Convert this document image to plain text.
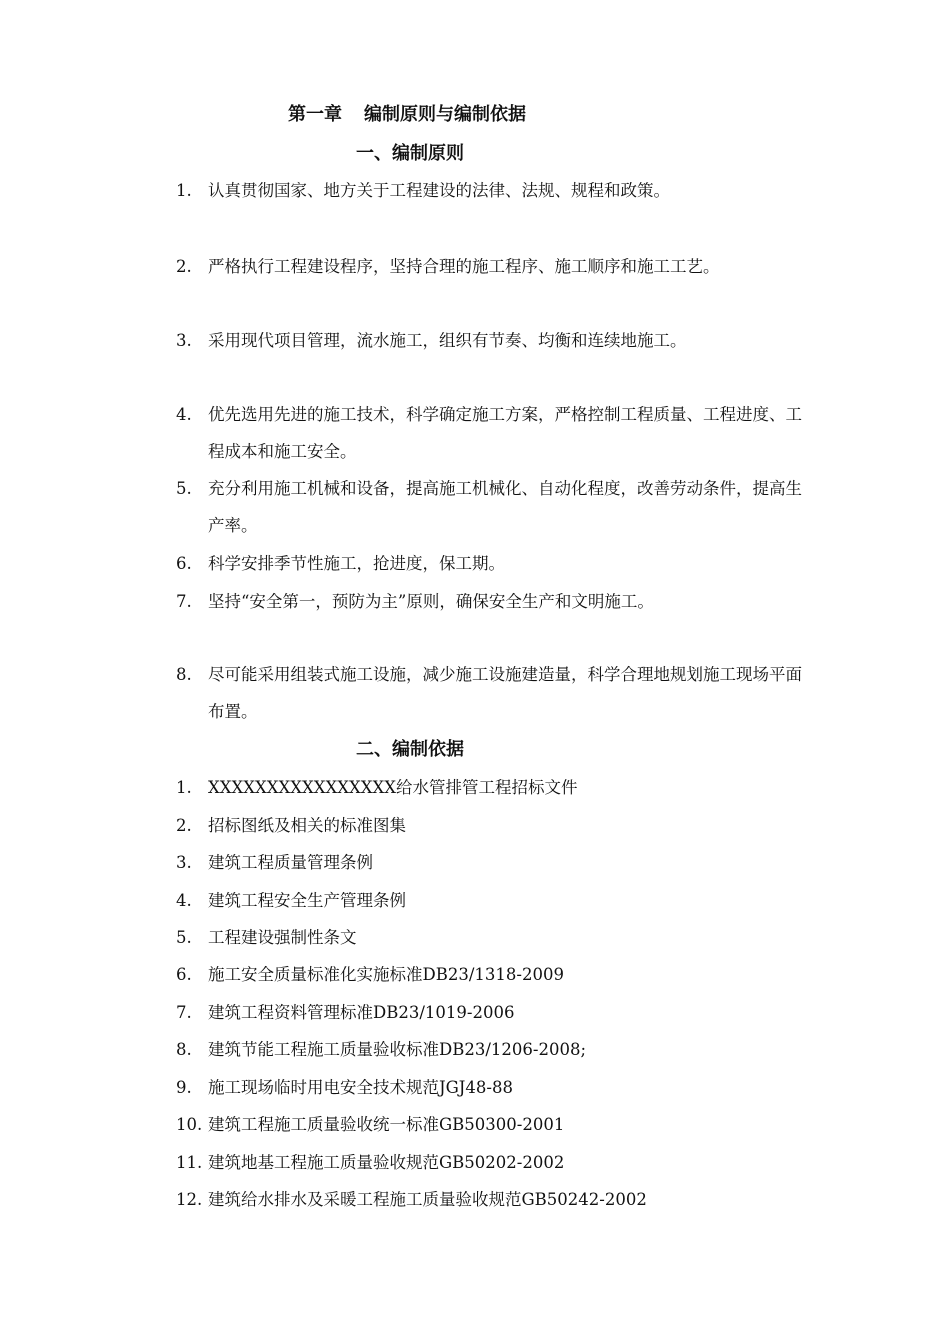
第一章 编制原则与编制依据
一、编制原则
1. 认真贯彻国家、地方关于工程建设的法律、法规、规程和政策。
2. 严格执行工程建设程序，坚持合理的施工程序、施工顺序和施工工艺。
3. 采用现代项目管理，流水施工，组织有节奏、均衡和连续地施工。
4. 优先选用先进的施工技术，科学确定施工方案，严格控制工程质量、工程进度、工程成本和施工安全。
5. 充分利用施工机械和设备，提高施工机械化、自动化程度，改善劳动条件，提高生产率。
6. 科学安排季节性施工，抢进度，保工期。
7. 坚持“安全第一，预防为主”原则，确保安全生产和文明施工。
8. 尽可能采用组装式施工设施，减少施工设施建造量，科学合理地规划施工现场平面布置。
二、编制依据
1. XXXXXXXXXXXXXXXX给水管排管工程招标文件
2. 招标图纸及相关的标准图集
3. 建筑工程质量管理条例
4. 建筑工程安全生产管理条例
5. 工程建设强制性条文
6. 施工安全质量标准化实施标准DB23/1318-2009
7. 建筑工程资料管理标准DB23/1019-2006
8. 建筑节能工程施工质量验收标准DB23/1206-2008;
9. 施工现场临时用电安全技术规范JGJ48-88
10. 建筑工程施工质量验收统一标准GB50300-2001
11. 建筑地基工程施工质量验收规范GB50202-2002
12. 建筑给水排水及采暖工程施工质量验收规范GB50242-2002
